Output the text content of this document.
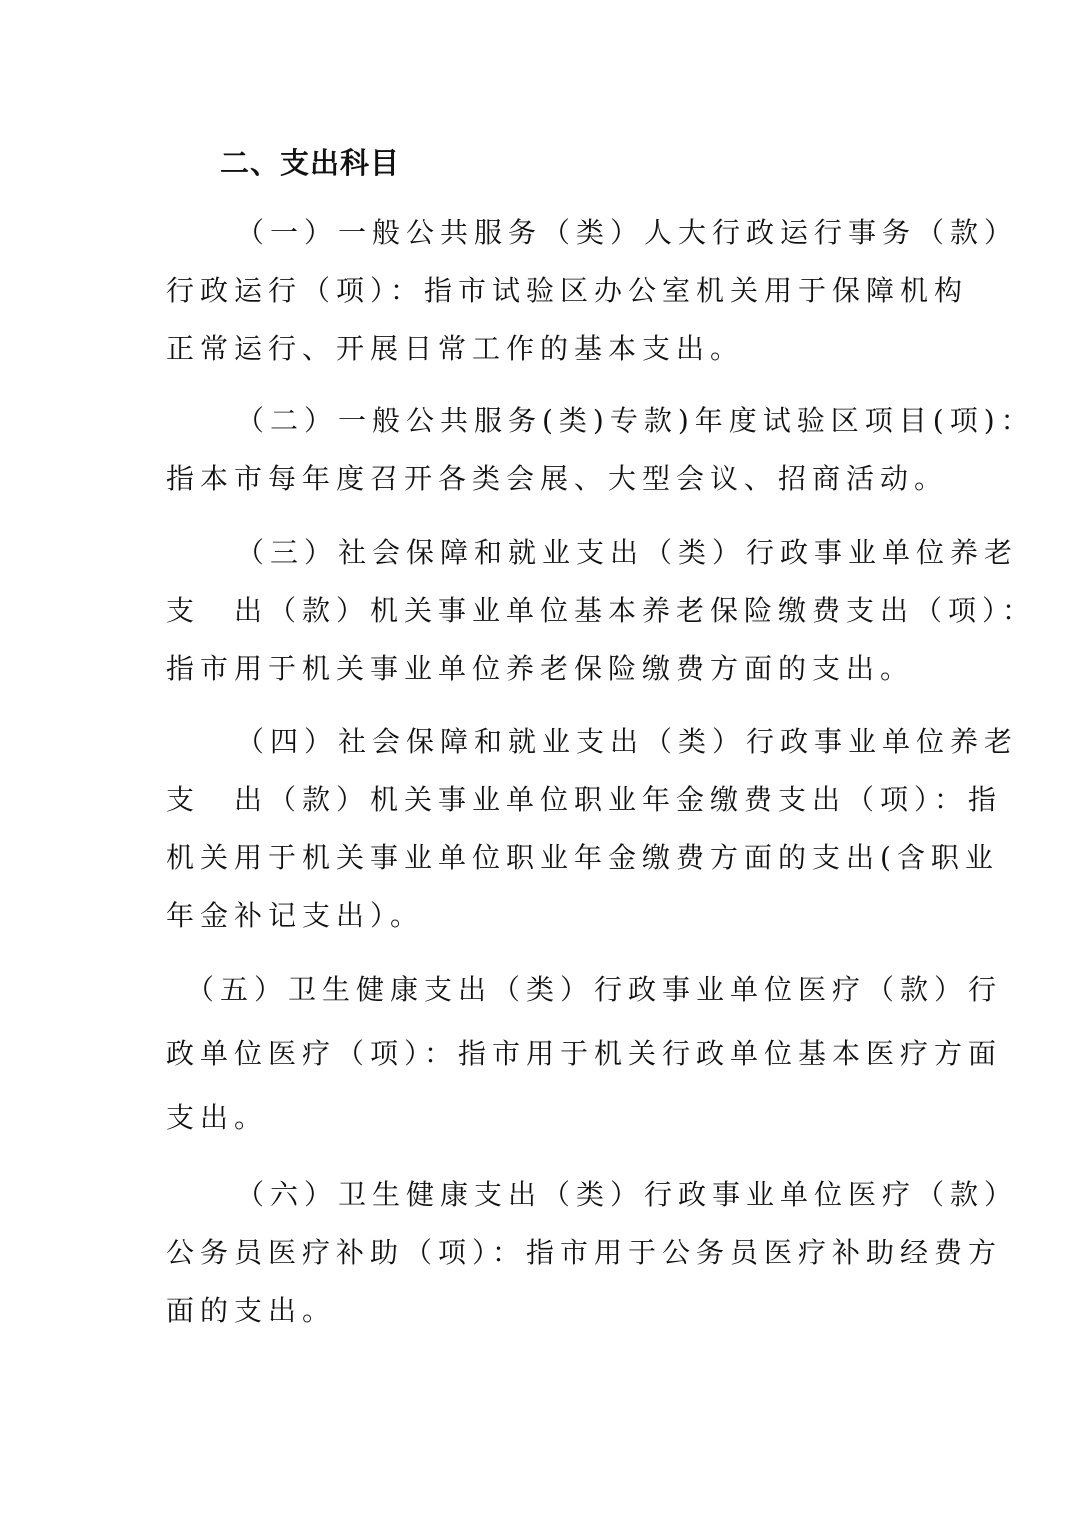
二、支出科目
（一）一般公共服务（类）人大行政运行事务（款）
行政运行（项）：指市试验区办公室机关用于保障机构
正常运行、开展日常工作的基本支出。
（二）一般公共服务(类)专款)年度试验区项目(项)：
指本市每年度召开各类会展、大型会议、招商活动。
（三）社会保障和就业支出（类）行政事业单位养老
支　出（款）机关事业单位基本养老保险缴费支出（项）：
指市用于机关事业单位养老保险缴费方面的支出。
（四）社会保障和就业支出（类）行政事业单位养老
支　出（款）机关事业单位职业年金缴费支出（项）：指
机关用于机关事业单位职业年金缴费方面的支出(含职业
年金补记支出）。
（五）卫生健康支出（类）行政事业单位医疗（款）行
政单位医疗（项）：指市用于机关行政单位基本医疗方面
支出。
（六）卫生健康支出（类）行政事业单位医疗（款）
公务员医疗补助（项）：指市用于公务员医疗补助经费方
面的支出。
